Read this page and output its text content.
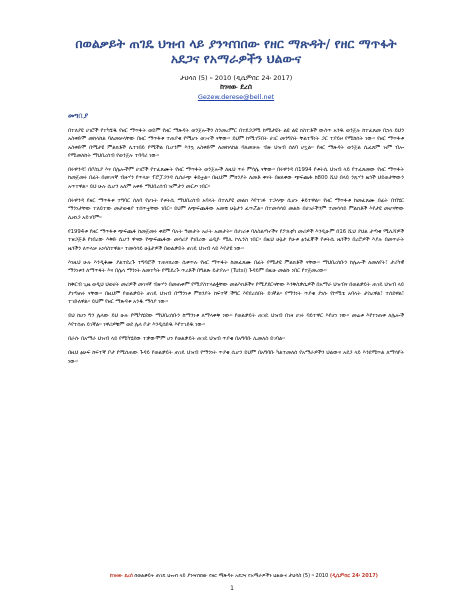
በወልቃይት ጠገዴ ህዝብ ላይ ያንዣበበው የዘር ማጽዳት/ የዘር ማጥፋት አደጋና የአማራዎችን ህልውና
ታህሳስ (5) ፡፡ 2010 (ዲሴምበር 24፡ 2017)
ከገዛው ደረሰ
Gezew.derese@bell.net
መግቢያ

በተለያዩ ሀገሮች የተካሄዱ የዘር ማጥፋት ወይም የዘር ማጽዳት ወንጀሎችን ስንመረምር በተደጋጋሚ ከሚታዩት ልዩ ልዩ ክስተቶች ውስጥ አንዱ ወንጀሉ ከተፈጸመ በኋላ ይህን አስቀድሞ መከላከል ባለመቻላቸው በዘር ማጥፋቱ ተጠያቂ የሚሆኑ ወገኖች ናቸው። ይህም ከሚገኙበት ሀገር መንግስት ቸልተኝነት ጋር ተያይዞ የሚከሰት ነው። የዘር ማጥፋቱ አስቀድሞ በሚታዩ ምልክቶች ሊተነበይ የሚችል ቢሆንም እንኳ አስቀድሞ ለመከላከል ባለመቻሉ ብዙ ህዝብ ሰለባ ሆኗል። የዘር ማጽዳት ወንጀል ሲፈጸም ዝም ብሎ የሚመለከት ማህበረሰብ የወንጀሉ ተባባሪ ነው።

በሩዋንዳ፣ በቦስኒያ እና በሌሎችም ሀገሮች የተፈጸሙት የዘር ማጥፋት ወንጀሎች ለዚህ ጥሩ ምሳሌ ናቸው። በሩዋንዳ በ1994 የቱትሲ ህዝብ ላይ የተፈጸመው የዘር ማጥፋት ከመጀመሩ በፊት በመገናኛ ብዙሃን የጥላቻ ፕሮፓጋንዳ ሲሰራጭ ቆይቷል። በዚህም ምክንያት ለመቶ ቀናት በዘለቀው ጭፍጨፋ ከ800 ሺህ በላይ ንጹሃን ዜጎች ህይወታቸውን አጥተዋል። ይህ ሁሉ ሲሆን አለም አቀፉ ማህበረሰብ ዝምታን መርጦ ነበር።

በሩዋንዳ የዘር ማጥፋቱ ተግባር ሰለባ የሆኑት የቱትሲ ማህበረሰብ አባላት በተለያዩ መልክ እየተገፉ ተጋላጭ ሲሆኑ ቆይተዋል። የዘር ማጥፋቱ ከመፈጸሙ በፊት በብሄር ማንነታቸው ተለይተው መታወቂያ ተሰጥቷቸው ነበር። ይህም ለጭፍጨፋው አመቺ ሁኔታን ፈጥሯል። በተመሳሳይ መልኩ በሀገራችንም ተመሳሳይ ምልክቶች እየታዩ መሆናቸው ሊዘነጋ አይገባም።

የ1994ቱ የዘር ማጥፋቱ ጭፍጨፋ ከመጀመሩ ቀደም ባሉት ዓመታት አራት አመታት። በሀገሪቱ ባለስልጣኖችና የፖለቲካ መሪዎች እንዲሁም በ16 ሺህ ያህል ታጣቂ ሚሊሻዎች ተዘጋጅቶ የነበረው እቅድ ሲሆን ዋናው የጭፍጨፋው መሳሪያ የነበረው ሬዲዮ ሚሊ ኮሊንስ ነበር። በዚህ ሁኔታ የሁቱ ፅንፈኞች የቱትሲ ዜጎችን በረሮዎች እያሉ በመጥራት ዜጎችን ለጥላቻ አነሳስተዋል። ተመሳሳይ ሁኔታዎች በወልቃይት ጠገዴ ህዝብ ላይ እየታዩ ነው።

እነዚህ ሁሉ እንዲቆሙ ያልተደረጉ ተግባሮች ተጠናክረው ሲቀጥሉ የዘር ማጥፋት ከመፈጸሙ በፊት የሚታዩ ምልክቶች ናቸው። ማህበረሰቡን ከሌሎች ለመለየት፣ ታሪካዊ ማንነቱን ለማጥፋት እና በሌላ ማንነት ለመተካት የሚደረጉ ጥረቶች በግልጽ ይታያሉ። (Tutsi) ጉዳይም በዚሁ መልኩ ነበር የተጀመረው።

ከቅርብ ጊዜ ወዲህ ህወሀት መሪዎች መገናኛ ብዙሃን በመጠቀም የሚያስተላልፏቸው መልእክቶችና የሚያደርጓቸው እንቅስቃሴዎች በአማራ ህዝብና በወልቃይት ጠገዴ ህዝብ ላይ ያነጣጠሩ ናቸው። በዚህም የወልቃይት ጠገዴ ህዝብ በማንነቱ ምክንያት ከፍተኛ ችግር እየደረሰበት ይገኛል። የማንነት ጥያቄ ያነሱ የኮሚቴ አባላት ታስረዋል፣ ተሰደዋል፣ ተገድለዋል። ይህም የዘር ማጽዳቱ አንዱ ማሳያ ነው።

ይህ ከሆነ ግን ሌላው ይህ ሁሉ የሚካሄደው ማህበረሰቡን ከማንነቱ ለማላቀቅ ነው። የወልቃይት ጠገዴ ህዝብ በገዛ ሀገሩ ባይተዋር እየሆነ ነው። መሬቱ እየተነጠቀ ለሌሎች እየተሰጠ ይገኛል። ነዋሪዎቹም ወደ ሌላ ቦታ እንዲሰደዱ እየተገደዱ ነው።

በራሱ በአማራ ህዝብ ላይ የሚካሄደው ተቃውሞም ሆነ የወልቃይት ጠገዴ ህዝብ ጥያቄ በአግባቡ ሊመለስ ይገባል።

በዚህ ፅሁፍ ከፍተኛ ቦታ የሚሰጠው ጉዳይ የወልቃይት ጠገዴ ህዝብ የማንነት ጥያቄ ሲሆን ይህም በአግባቡ ካልተመለሰ የአማራዎችን ህልውና አደጋ ላይ እንደሚጥል ለማሳየት ነው።

ከገዛው ደረሰ በወልቃይት ጠገዴ ህዝብ ላይ ያንዣበበው የዘር ማጽዳት አደጋና የአማራዎችን ህልውና ታህሳስ (5) ፡፡ 2010 (ዲሴምበር 24፡ 2017)
1
